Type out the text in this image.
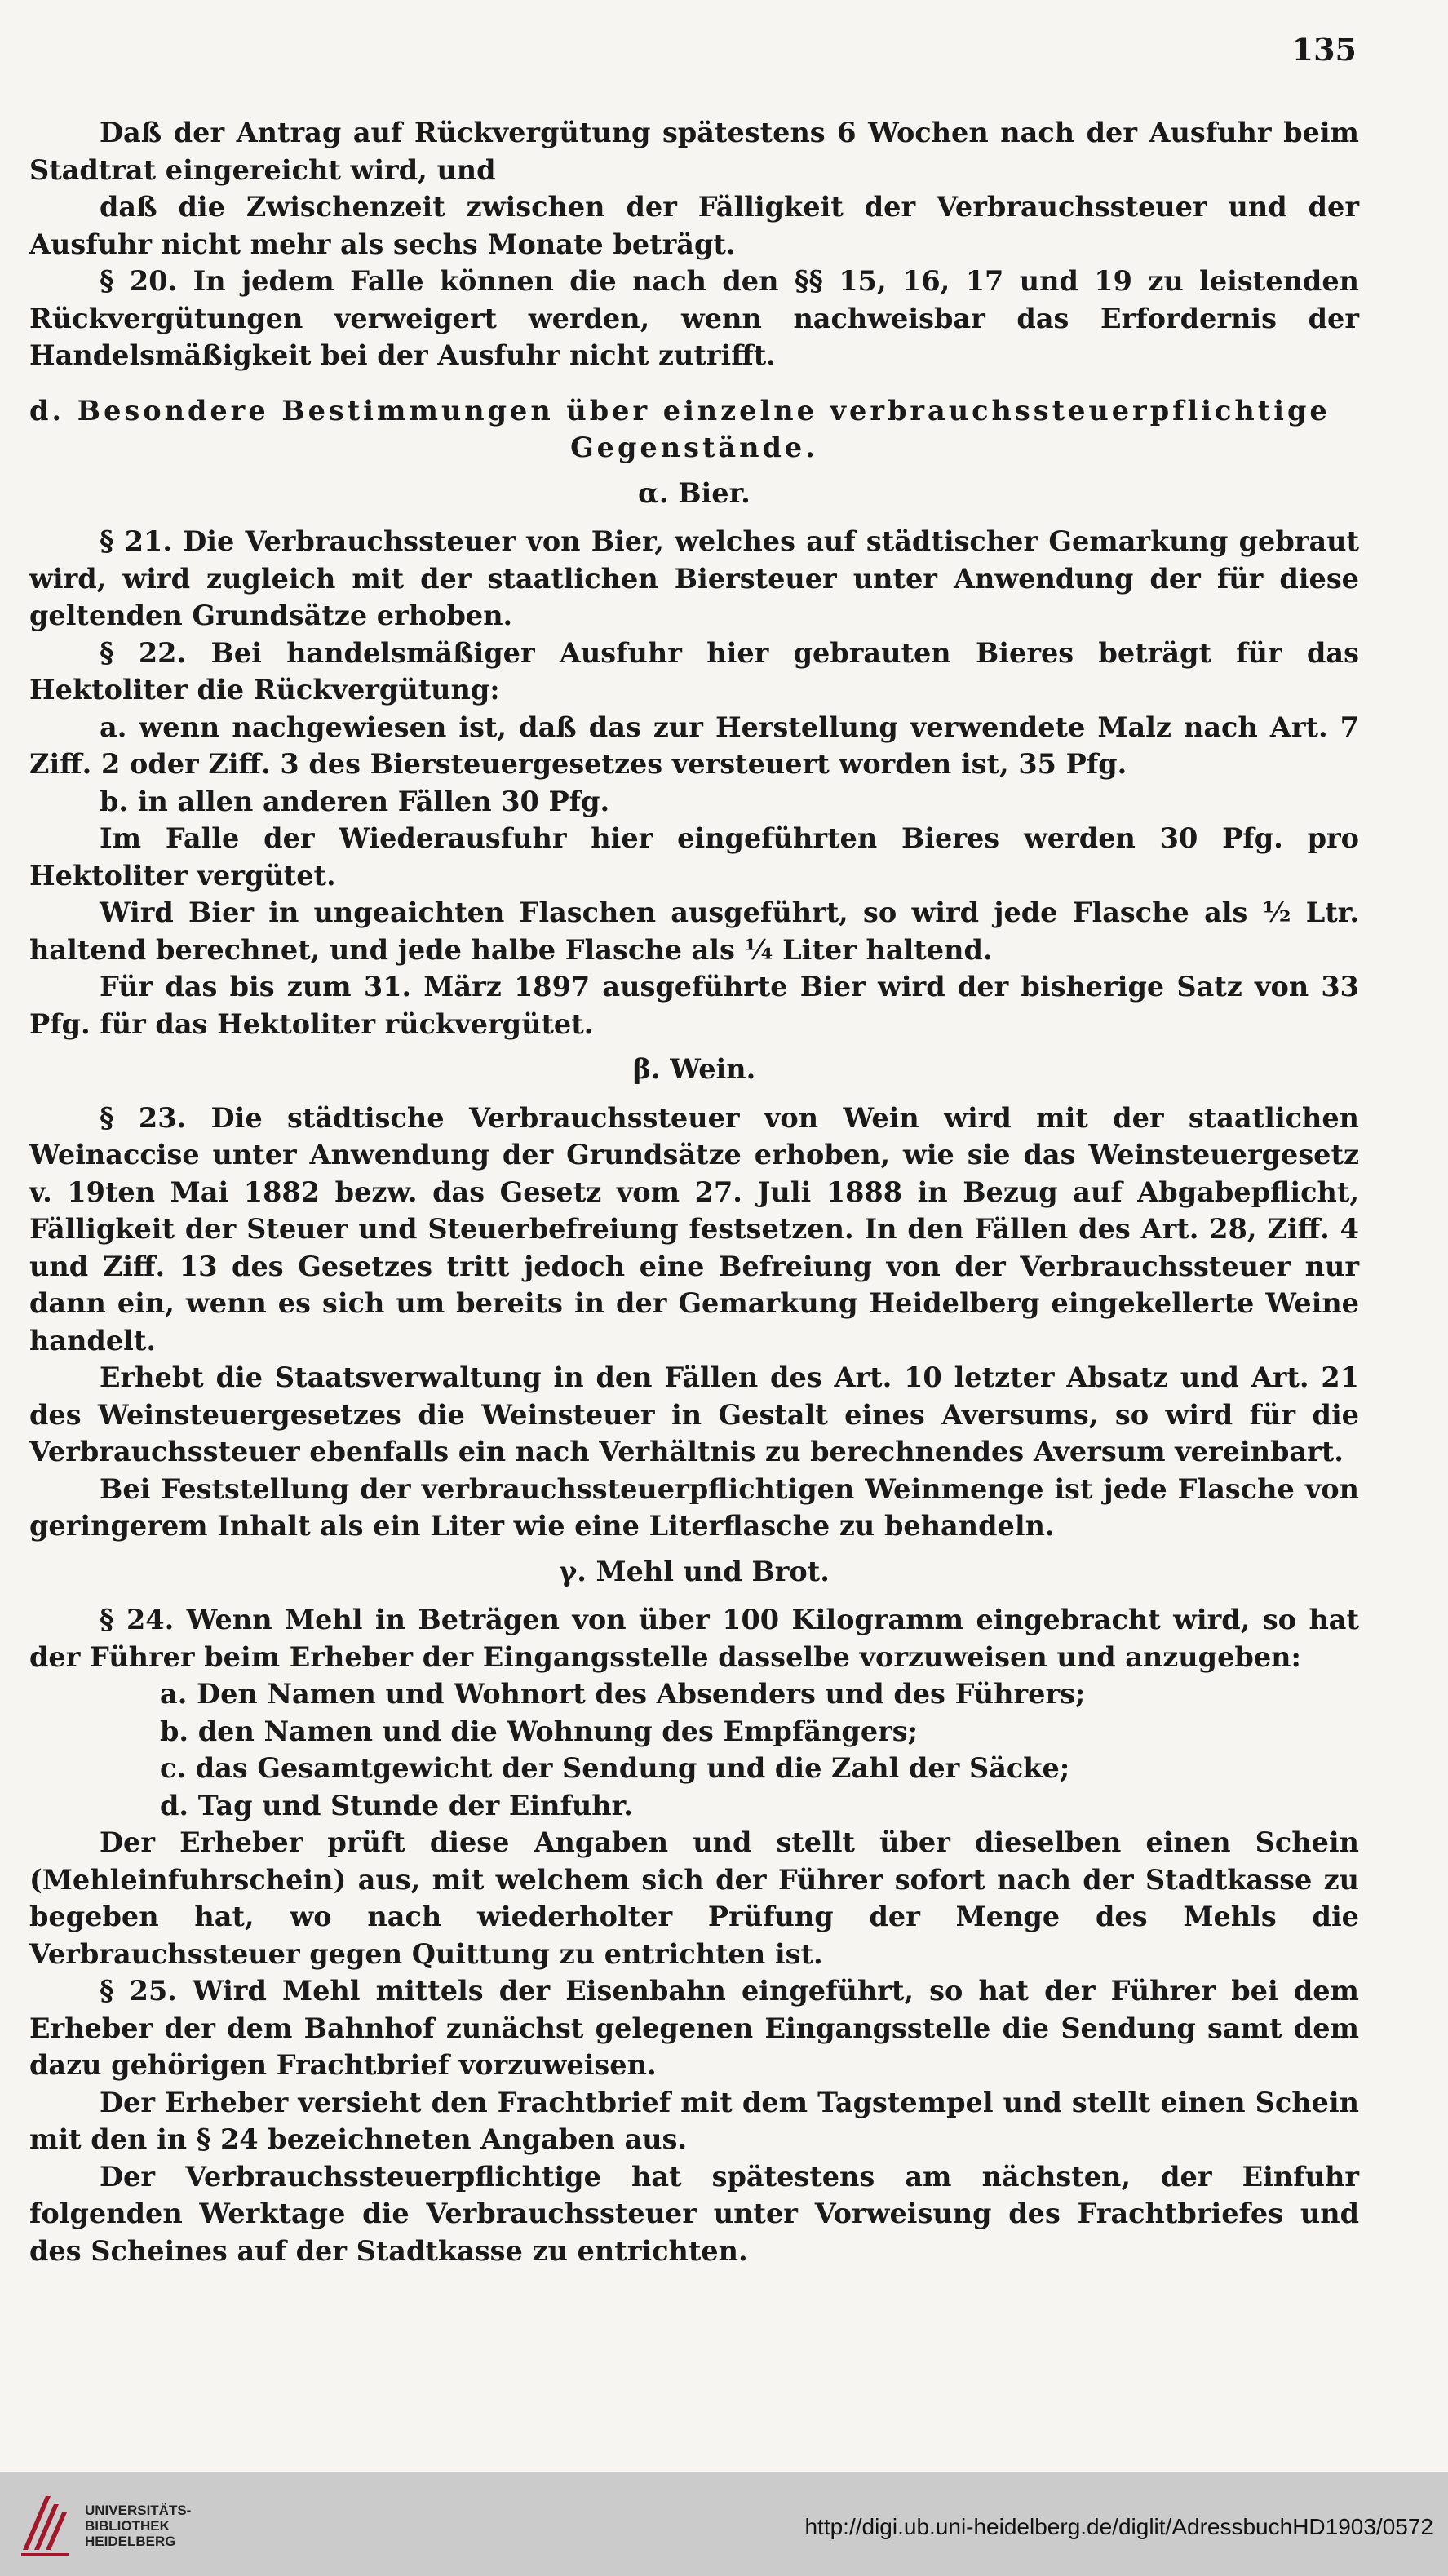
135

Daß der Antrag auf Rückvergütung spätestens 6 Wochen nach der Ausfuhr beim Stadtrat eingereicht wird, und

daß die Zwischenzeit zwischen der Fälligkeit der Verbrauchssteuer und der Ausfuhr nicht mehr als sechs Monate beträgt.

§ 20. In jedem Falle können die nach den §§ 15, 16, 17 und 19 zu leistenden Rückvergütungen verweigert werden, wenn nachweisbar das Erfordernis der Handelsmäßigkeit bei der Ausfuhr nicht zutrifft.

d. Besondere Bestimmungen über einzelne verbrauchssteuerpflichtige

Gegenstände.

α. Bier.

§ 21. Die Verbrauchssteuer von Bier, welches auf städtischer Gemarkung gebraut wird, wird zugleich mit der staatlichen Biersteuer unter Anwendung der für diese geltenden Grundsätze erhoben.

§ 22. Bei handelsmäßiger Ausfuhr hier gebrauten Bieres beträgt für das Hektoliter die Rückvergütung:

a. wenn nachgewiesen ist, daß das zur Herstellung verwendete Malz nach Art. 7 Ziff. 2 oder Ziff. 3 des Biersteuergesetzes versteuert worden ist, 35 Pfg.

b. in allen anderen Fällen 30 Pfg.

Im Falle der Wiederausfuhr hier eingeführten Bieres werden 30 Pfg. pro Hektoliter vergütet.

Wird Bier in ungeaichten Flaschen ausgeführt, so wird jede Flasche als ½ Ltr. haltend berechnet, und jede halbe Flasche als ¼ Liter haltend.

Für das bis zum 31. März 1897 ausgeführte Bier wird der bisherige Satz von 33 Pfg. für das Hektoliter rückvergütet.

β. Wein.

§ 23. Die städtische Verbrauchssteuer von Wein wird mit der staatlichen Weinaccise unter Anwendung der Grundsätze erhoben, wie sie das Weinsteuergesetz v. 19ten Mai 1882 bezw. das Gesetz vom 27. Juli 1888 in Bezug auf Abgabepflicht, Fälligkeit der Steuer und Steuerbefreiung festsetzen. In den Fällen des Art. 28, Ziff. 4 und Ziff. 13 des Gesetzes tritt jedoch eine Befreiung von der Verbrauchssteuer nur dann ein, wenn es sich um bereits in der Gemarkung Heidelberg eingekellerte Weine handelt.

Erhebt die Staatsverwaltung in den Fällen des Art. 10 letzter Absatz und Art. 21 des Weinsteuergesetzes die Weinsteuer in Gestalt eines Aversums, so wird für die Verbrauchssteuer ebenfalls ein nach Verhältnis zu berechnendes Aversum vereinbart.

Bei Feststellung der verbrauchssteuerpflichtigen Weinmenge ist jede Flasche von geringerem Inhalt als ein Liter wie eine Literflasche zu behandeln.

γ. Mehl und Brot.

§ 24. Wenn Mehl in Beträgen von über 100 Kilogramm eingebracht wird, so hat der Führer beim Erheber der Eingangsstelle dasselbe vorzuweisen und anzugeben:

a. Den Namen und Wohnort des Absenders und des Führers;

b. den Namen und die Wohnung des Empfängers;

c. das Gesamtgewicht der Sendung und die Zahl der Säcke;

d. Tag und Stunde der Einfuhr.

Der Erheber prüft diese Angaben und stellt über dieselben einen Schein (Mehleinfuhrschein) aus, mit welchem sich der Führer sofort nach der Stadtkasse zu begeben hat, wo nach wiederholter Prüfung der Menge des Mehls die Verbrauchssteuer gegen Quittung zu entrichten ist.

§ 25. Wird Mehl mittels der Eisenbahn eingeführt, so hat der Führer bei dem Erheber der dem Bahnhof zunächst gelegenen Eingangsstelle die Sendung samt dem dazu gehörigen Frachtbrief vorzuweisen.

Der Erheber versieht den Frachtbrief mit dem Tagstempel und stellt einen Schein mit den in § 24 bezeichneten Angaben aus.

Der Verbrauchssteuerpflichtige hat spätestens am nächsten, der Einfuhr folgenden Werktage die Verbrauchssteuer unter Vorweisung des Frachtbriefes und des Scheines auf der Stadtkasse zu entrichten.

UNIVERSITÄTS-
BIBLIOTHEK
HEIDELBERG
http://digi.ub.uni-heidelberg.de/diglit/AdressbuchHD1903/0572
